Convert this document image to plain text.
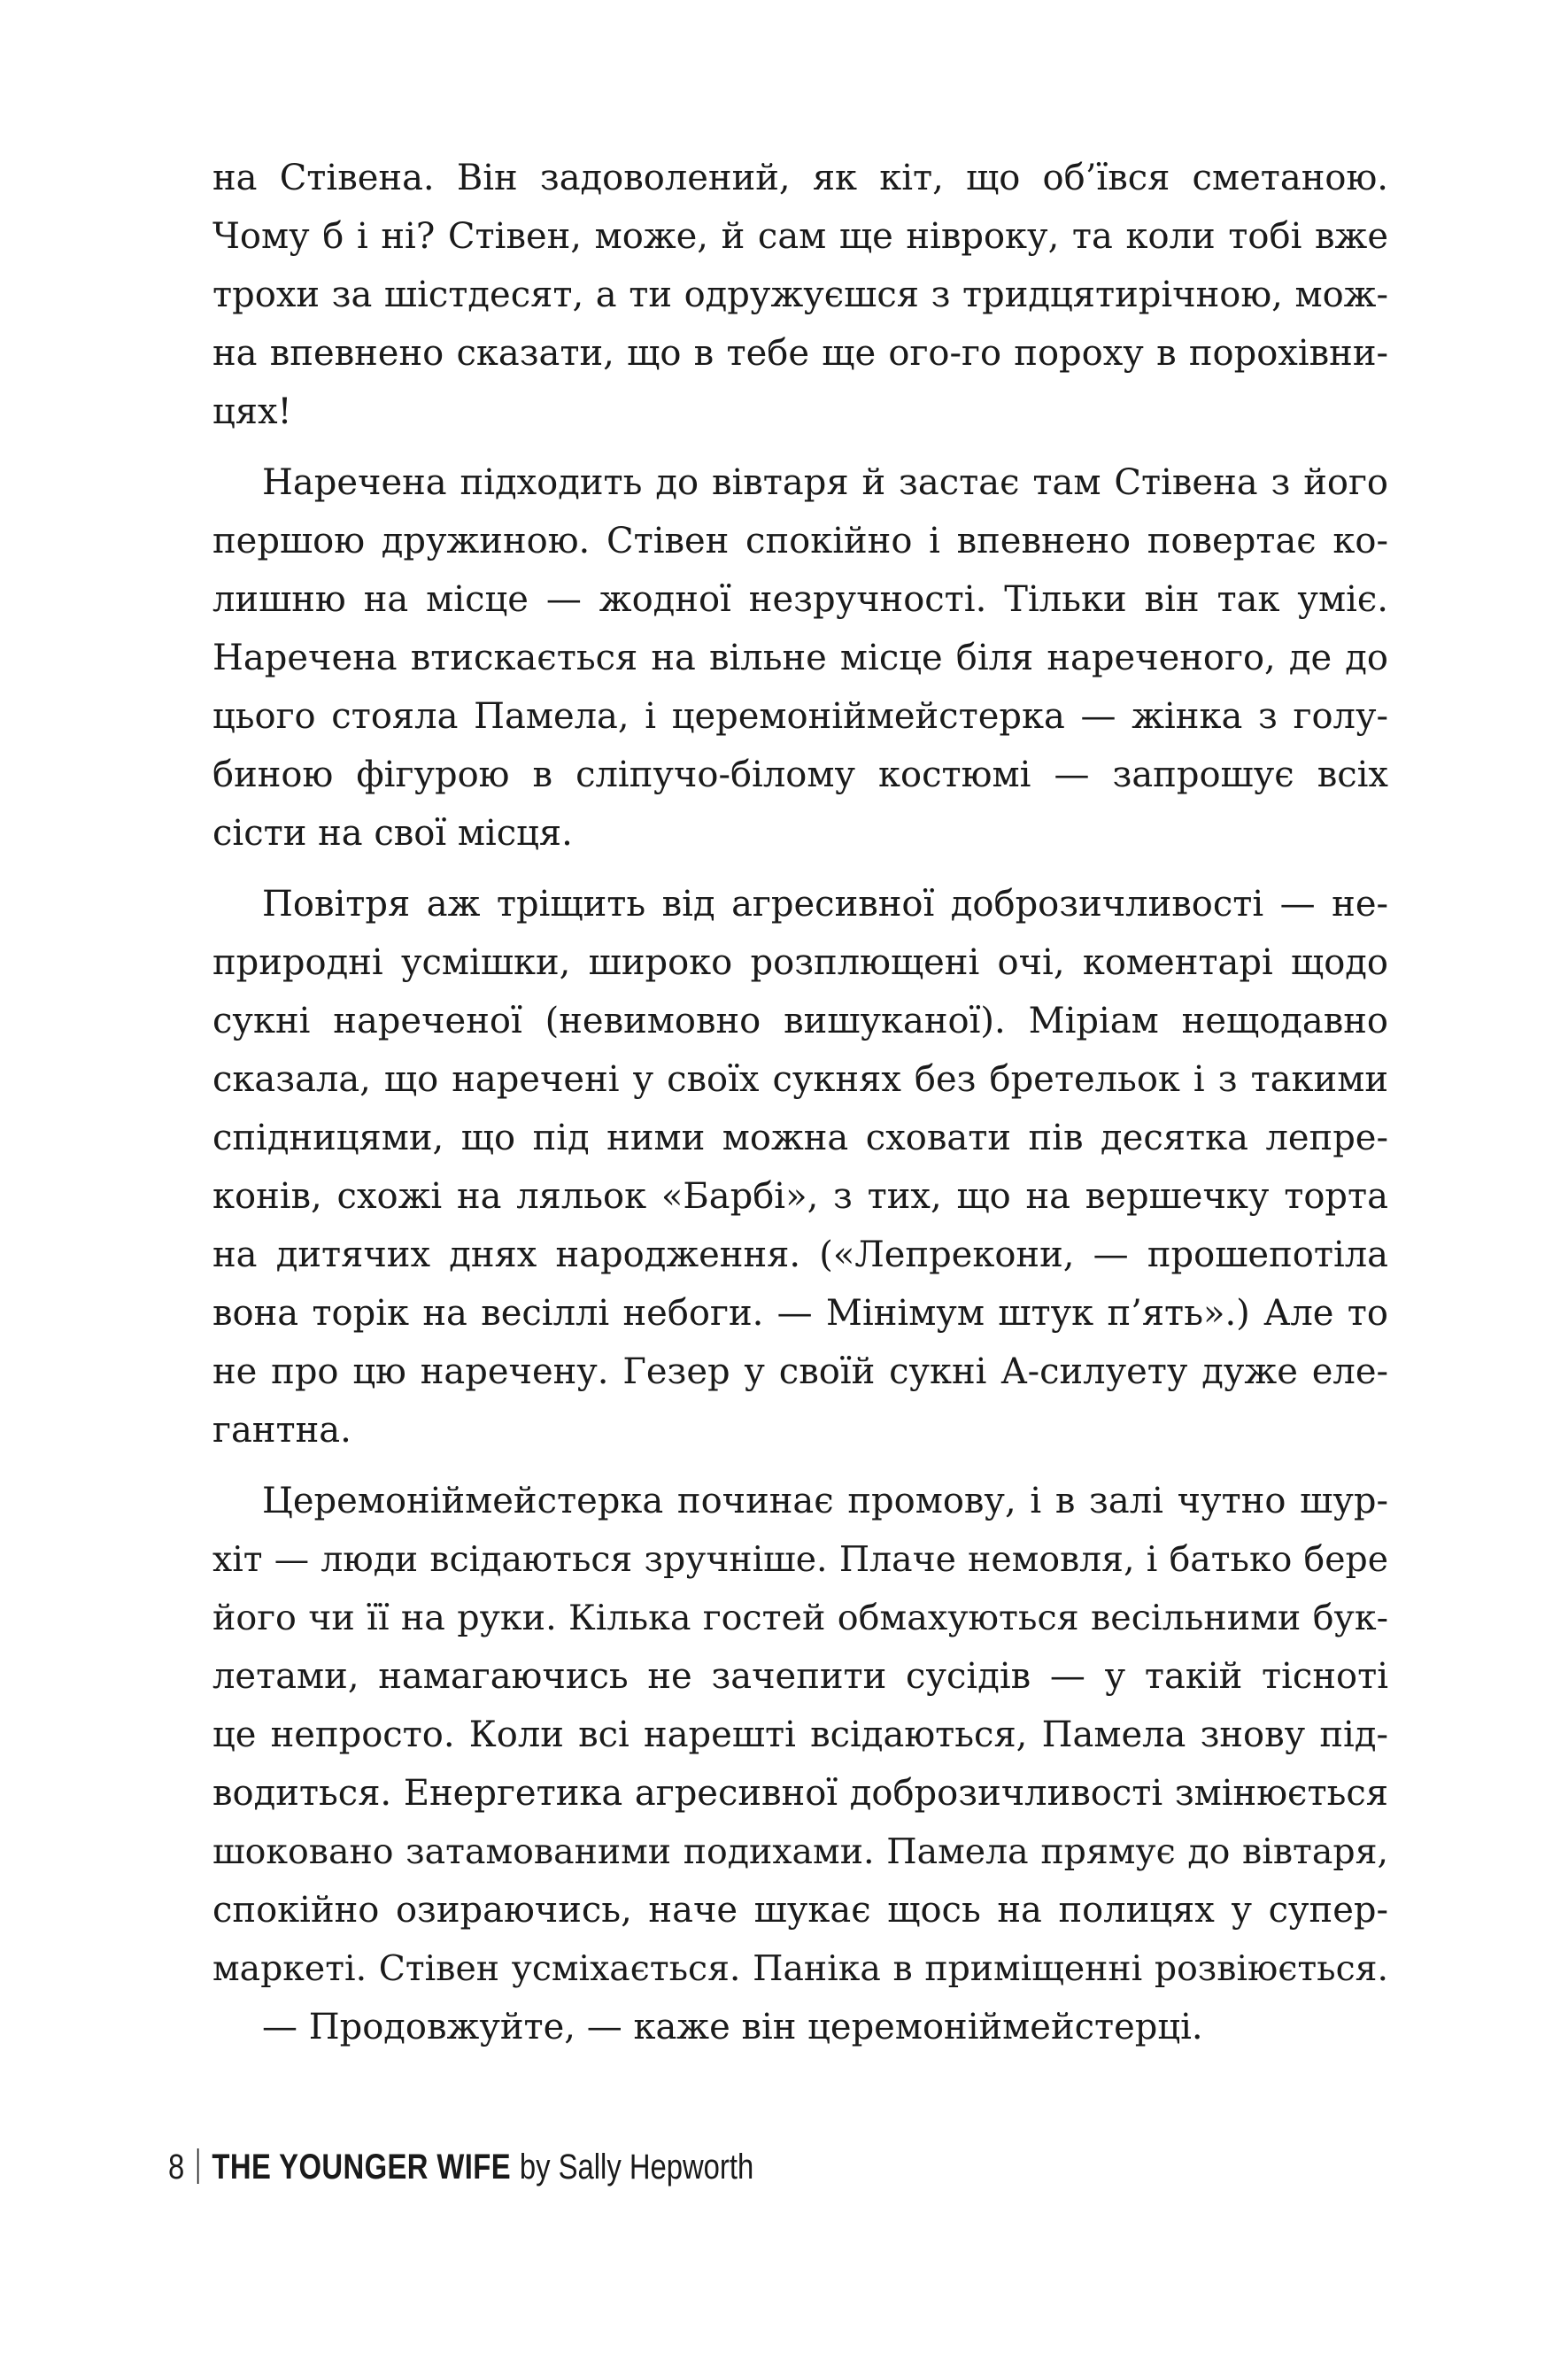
на Стівена. Він задоволений, як кіт, що об’ївся сметаною.
Чому б і ні? Стівен, може, й сам ще нівроку, та коли тобі вже
трохи за шістдесят, а ти одружуєшся з тридцятирічною, мож-
на впевнено сказати, що в тебе ще ого-го пороху в порохівни-
цях!
Наречена підходить до вівтаря й застає там Стівена з його
першою дружиною. Стівен спокійно і впевнено повертає ко-
лишню на місце — жодної незручності. Тільки він так уміє.
Наречена втискається на вільне місце біля нареченого, де до
цього стояла Памела, і церемоніймейстерка — жінка з голу-
биною фігурою в сліпучо-білому костюмі — запрошує всіх
сісти на свої місця.
Повітря аж тріщить від агресивної доброзичливості — не-
природні усмішки, широко розплющені очі, коментарі щодо
сукні нареченої (невимовно вишуканої). Міріам нещодавно
сказала, що наречені у своїх сукнях без бретельок і з такими
спідницями, що під ними можна сховати пів десятка лепре-
конів, схожі на ляльок «Барбі», з тих, що на вершечку торта
на дитячих днях народження. («Лепрекони, — прошепотіла
вона торік на весіллі небоги. — Мінімум штук п’ять».) Але то
не про цю наречену. Гезер у своїй сукні А-силуету дуже еле-
гантна.
Церемоніймейстерка починає промову, і в залі чутно шур-
хіт — люди всідаються зручніше. Плаче немовля, і батько бере
його чи її на руки. Кілька гостей обмахуються весільними бук-
летами, намагаючись не зачепити сусідів — у такій тісноті
це непросто. Коли всі нарешті всідаються, Памела знову під-
водиться. Енергетика агресивної доброзичливості змінюється
шоковано затамованими подихами. Памела прямує до вівтаря,
спокійно озираючись, наче шукає щось на полицях у супер-
маркеті. Стівен усміхається. Паніка в приміщенні розвіюється.
— Продовжуйте, — каже він церемоніймейстерці.
8 THE YOUNGER WIFE by Sally Hepworth
